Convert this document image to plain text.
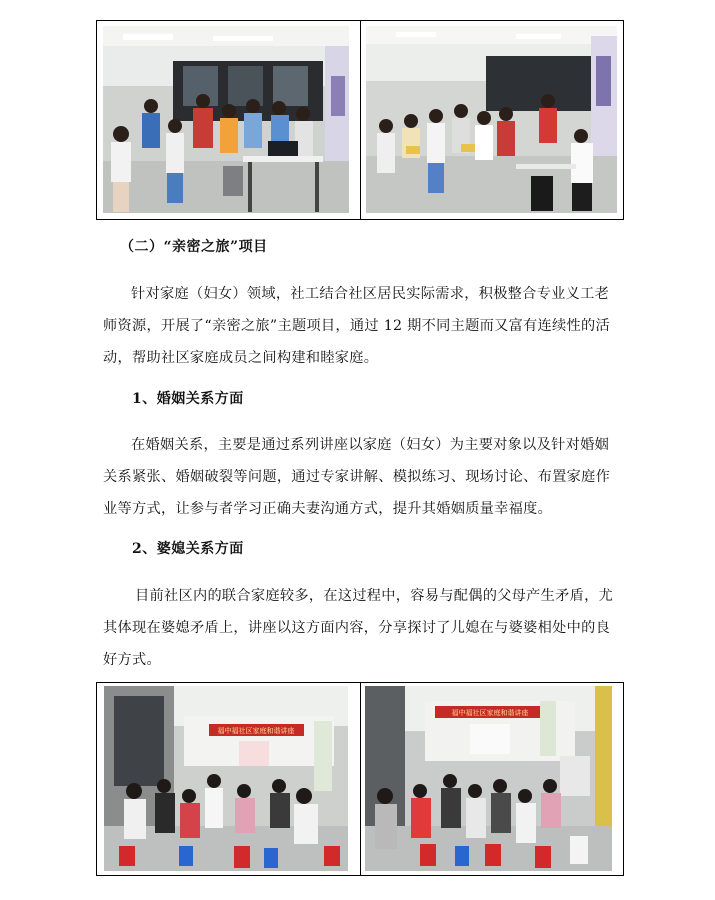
（二）“亲密之旅”项目
针对家庭（妇女）领域，社工结合社区居民实际需求，积极整合专业义工老
师资源，开展了“亲密之旅”主题项目，通过 12 期不同主题而又富有连续性的活
动，帮助社区家庭成员之间构建和睦家庭。
1、婚姻关系方面
在婚姻关系，主要是通过系列讲座以家庭（妇女）为主要对象以及针对婚姻
关系紧张、婚姻破裂等问题，通过专家讲解、模拟练习、现场讨论、布置家庭作
业等方式，让参与者学习正确夫妻沟通方式，提升其婚姻质量幸福度。
2、婆媳关系方面
目前社区内的联合家庭较多，在这过程中，容易与配偶的父母产生矛盾，尤
其体现在婆媳矛盾上，讲座以这方面内容，分享探讨了儿媳在与婆婆相处中的良
好方式。
福中福社区家庭和谐讲座
福中福社区家庭和谐讲座
